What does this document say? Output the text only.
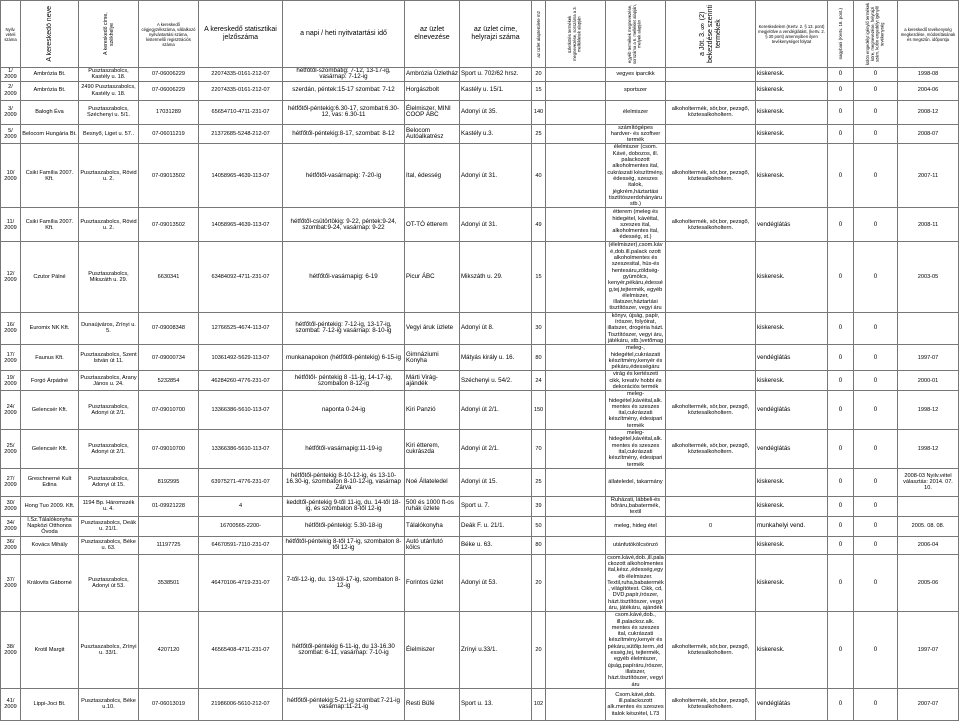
Nyilv. vételi száma	A kereskedő neve	A kereskedő címe, székhelye	A kereskedő cégjegyzékszáma, vállalkozó nyilvántartási száma, kistermelői regisztrációs száma	A kereskedő statisztikai jelzőszáma	a napi / heti nyitvatartási idő	az üzlet elnevezése	az üzlet címe, helyrajzi száma	az üzlet alapterülete m2	üzletkötés termékek megnevezése, sorszáma a 3. mellékletek alapján	egyéb termékek megnevezése, sorszáma a 6. melléklet alapján, melyek alapján	a Jöt. 3. § (2) bekezdése szerinti termékek	Kereskedelem (Kertv. 2. § 13. pont) megjelölve a vendéglátást, (kertv. 2. § 30 pont) amennyiben ilyen tevékenységet folytat	nagybani (Kertv. 18. pont.)	külön engedélyt igénylő termékek köre, megnevezése, helyrajzi szám, külön engedélyt igénylő tevékenység	a kereskedő tevékenység megkezdése, módosításának és megszűn. időpontja
1/ 2009	Ambrózia Bt.	Pusztaszabolcs, Kastély u. 18.	07-06006229	22074335-0161-212-07	hétfőtől-szombatig: 7-12, 13-17-ig, vasárnap: 7-12-ig	Ambrózia Üzletház	Sport u. 702/62 hrsz.	20		vegyes iparcikk		kiskeresk.	0	0	1998-08
2/ 2009	Ambrózia Bt.	2490 Pusztaszabolcs, Kastély u. 18.	07-06006229	22074335-0161-212-07	szerdán, péntek:15-17 szombat: 7-12	Horgászbolt	Kastély u. 15/1.	15		sportszer		kiskeresk.	0	0	2004-06
3/ 2009	Balogh Éva	Pusztaszabolcs, Széchenyi u. 5/1.	17031289	65654710-4711-231-07	hétfőtől-péntekig:6.30-17, szombat:6.30-12, vas: 6.30-11	Élelmiszer, MINI COOP ÁBC	Adonyi út 35.	140		élelmiszer	alkoholtermék, sör,bor, pezsgő, köztesalkoholtern.	kiskeresk.	0	0	2008-12
5/ 2009	Belocom Hungária Bt.	Besnyő, Liget u. 57..	07-06011219	21372685-5248-212-07	hétfőtől-péntekig:8-17, szombat: 8-12	Belocom Autóalkatrész	Kastély u.3.	25		számítógépes hardver- és szoftver termék		kiskeresk.	0	0	2008-07
10/ 2009	Csiki Família 2007. Kft.	Pusztaszabolcs, Rövid u. 2.	07-09013502	14058965-4639-113-07	hétfőtől-vasárnapig: 7-20-ig	Ital, édesség	Adonyi út 31.	40		élelmiszer (csom. Kávé, dobozos, ill. palackozott alkoholmentes ital, cukrászati készítmény, édesség, szeszes italok, jégkrém,háztartási tisztítószerdohányáru stb.)	alkoholtermék, sör,bor, pezsgő, köztesalkoholtern.	kiskeresk.	0	0	2007-11
11/ 2009	Csiki Família 2007. Kft.	Pusztaszabolcs, Rövid u. 2.	07-09013502	14058965-4639-113-07	hétfőtől-csütörtökig: 9-22, péntek:9-24, szombat:9-24, vasárnap: 9-22	OT-TÓ étterem	Adonyi út 31.	49		étterem (meleg és hidegétel, kávéital, szeszes ital, alkoholmentes ital, édesség, st.)	alkoholtermék, sör,bor, pezsgő, köztesalkoholtern.	vendéglátás	0	0	2008-11
12/ 2009	Czutor Pálné	Pusztaszabolcs, Mikszáth u. 29.	6630341	63484092-4711-231-07	hétfőtől-vasárnapig: 6-19	Picur ÁBC	Mikszáth u. 29.	15		(élelmiszer),csom.kávé,dob.ill.palack ozott alkoholmentes és szeszesital, hús-és hentesáru,zöldség-gyümölcs, kenyér,pékáru,édesség,tej,tejtermék, egyéb élelmiszer, illatszer,háztartási tisztítószer, vegyi áru		kiskeresk.	0	0	2003-05
16/ 2009	Euromix NK Kft.	Dunaújváros, Zrínyi u. 5.	07-09008348	12766525-4674-113-07	hétfőtől-péntekig: 7-12-ig, 13-17-ig, szombat: 7-12-ig vasárnap: 8-10-ig	Vegyi áruk üzlete	Adonyi út 8.	30		könyv, újság, papír, írószer, folyóirat, illatszer, drogéria házt. Tisztítószer, vegyi áru, játékáru, stb.)vetőmag		kiskeresk.	0	0	
17/ 2009	Faunus Kft.	Pusztaszabolcs, Szent István út 11.	07-09000734	10361492-5629-113-07	munkanapokon (hétfőtől-péntekig) 6-15-ig	Gimnáziumi Konyha	Mátyás király u. 16.	80		meleg-, hidegétel,cukrászati készítmény,kenyér és pékáru,édességáru		vendéglátás	0	0	1997-07
19/ 2009	Forgó Árpádné	Pusztaszabolcs, Arany János u. 24.	5232854	46284260-4776-231-07	hétfőtől- péntekig 8 -11-ig, 14-17-ig, szombaton 8-12-ig	Márti Virág-ajándék	Széchenyi u. 54/2.	24		virág és kertészeti cikk, kreatív hobbi és dekorációs termék		kiskeresk.	0	0	2000-01
24/ 2009	Gelencsér Kft.	Pusztaszabolcs, Adonyi út 2/1.	07-09010700	13366386-5610-113-07	naponta 0-24-ig	Kiri Panzió	Adonyi út 2/1.	150		meleg-hidegétel,kávéital,alk. mentes és szeszes ital,cukrászati készítmény, édesipari termék	alkoholtermék, sör,bor, pezsgő, köztesalkoholtern.	vendéglátás	0	0	1998-12
25/ 2009	Gelencsér Kft.	Pusztaszabolcs, Adonyi út 2/1.	07-09010700	13366386-5610-113-07	hétfőtől-vasárnapig:11-19-ig	Kiri étterem, cukrászda	Adonyi út 2/1.	70		meleg-hidegétel,kávéital,alk. mentes és szeszes ital,cukrászati készítmény, édesipari termék	alkoholtermék, sör,bor, pezsgő, köztesalkoholtern.	vendéglátás	0	0	1998-12
27/ 2009	Greschnerné Kult Edina	Pusztaszabolcs, Adonyi út 15.	8192995	63975271-4776-231-07	hétfőtől-péntekig 8-10-12-ig, és 13-10-16.30-ig, szombaton 8-10-12-ig, vasárnap Zárva	Noé Állateledel	Adonyi út 15.	25		állateledel, takarmány		kiskeresk.	0	0	2008-03 Nyilv.vétel választás: 2014. 07. 10.
30/ 2009	Hong Tuo 2009. Kft.	1194 Bp. Háromszék u. 4.	01-09921228	4	keddtől-péntekig 9-től 11-ig, du. 14-től 18-ig, és szombaton 8-től 12-ig	500 és 1000 ft-os ruhák üzlete	Sport u. 7.	39		Ruházati, lábbeli-és bőráru,babatermék, textil		kiskeresk.	0	0	
34/ 2009	I.Sz.Tálalókonyha Napközi Otthonos Óvoda	Pusztaszabolcs, Deák u. 21/1.		16700565-2200-	hétfőtől-péntekig: 5.30-18-ig	Tálalókonyha	Deák F. u. 21/1.	50		meleg, hideg étel	0	munkahelyi vend.	0	0	2005. 08. 08.
36/ 2009	Kovács Mihály	Pusztaszabolcs, Béke u. 63.	11197725	64670591-7110-231-07	hétfőtől-péntekig 8-től 17-ig, szombaton 8-től 12-ig	Autó utánfutó kölcs	Béke u. 63.	80		utánfutókölcsönzó		kiskeresk.	0	0	2006-04
37/ 2009	Královits Gáborné	Pusztaszabolcs, Adonyi út 53.	3538501	46470106-4719-231-07	7-től-12-ig, du. 13-tól-17-ig, szombaton 8-12-ig	Forintos üzlet	Adonyi út 53.	20		csom.kávé,dob.,ill.palackozott alkoholmentes ital,kész.,édesség,egyéb élelmiszer. Textil,ruha,babatermék, világítótest. Cikk, cd, DVD,papír,írószer, házt.tisztítószer, vegyi áru, játékáru, ajándék		kiskeresk.	0	0	2005-06
38/ 2009	Krotil Margit	Pusztaszabolcs, Zrínyi u. 33/1.	4207120	46565408-4711-231-07	hétfőtől-péntekig 6-11-ig, du 13-16.30 szombat: 6-11, vasárnap: 7-10-ig	Élelmiszer	Zrínyi u.33/1.	20		csom.kávé,dob., ill.palackoz.alk. mentes és szeszes ital, cukrászati készítmény,kenyér és pékáru,sütőip.term.,édesség,tej, tejtermék, egyéb élelmiszer, újság,papíráru,írószer, illatszer, házt.tisztítószer, vegyi áru	alkoholtermék, sör,bor, pezsgő, köztesalkoholtern.	kiskeresk.	0	0	1997-07
41/ 2009	Lippi-Joci Bt.	Pusztaszabolcs, Béke u.10.	07-06013019	21986006-5610-212-07	hétfőtől-péntekig:5-21-ig szombat:7-21-ig vasárnap:11-21-ig	Resti Büfé	Sport u. 13.	102		Csom.kávé,dob. ill.palackozott alk.mentes és szeszes italok készétel, L73	alkoholtermék, sör,bor, pezsgő, köztesalkoholtern.	vendéglátás	0	0	2007-07
